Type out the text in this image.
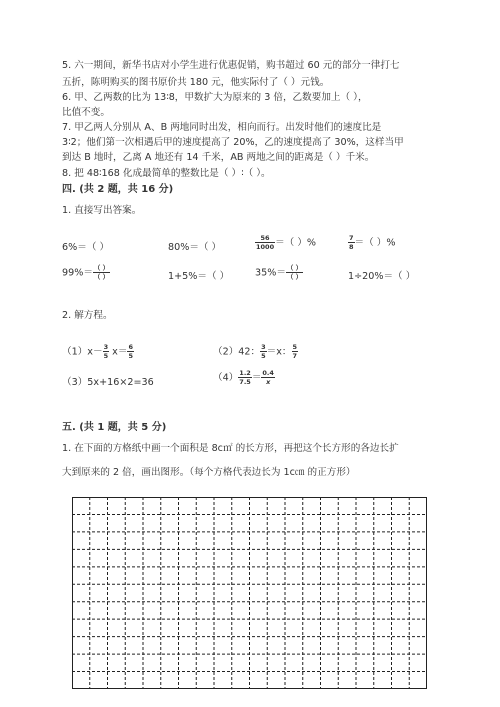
5. 六一期间，新华书店对小学生进行优惠促销，购书超过 60 元的部分一律打七
五折，陈明购买的图书原价共 180 元，他实际付了（ ）元钱。
6. 甲、乙两数的比为 13∶8，甲数扩大为原来的 3 倍，乙数要加上（ ），
比值不变。
7. 甲乙两人分别从 A、B 两地同时出发，相向而行。出发时他们的速度比是
3∶2；他们第一次相遇后甲的速度提高了 20%，乙的速度提高了 30%，这样当甲
到达 B 地时，乙离 A 地还有 14 千米，AB 两地之间的距离是（ ）千米。
8. 把 48∶168 化成最简单的整数比是（ ）∶（ ）。
四. (共 2 题，共 16 分)
1. 直接写出答案。
6%＝（ ）	80%＝（ ）	$\frac{56}{1000}$ ＝（ ）%	$\frac{7}{8}$ ＝（ ）%
$99\%= \frac{( )}{( )}$	1+5%＝（ ）	$35\%= \frac{( )}{( )}$	1÷20%＝（ ）
2. 解方程。
$(1)x- \frac{3}{5} x= \frac{6}{5}$	（2）42： $\frac{3}{5} =x$： $\frac{5}{7}$
（3）5x+16×2=36	$(4) \frac{1.2}{7.5} = \frac{0.4}{x}$
五. (共 1 题，共 5 分)
1. 在下面的方格纸中画一个面积是 8c㎡ 的长方形，再把这个长方形的各边长扩
大到原来的 2 倍，画出图形。（每个方格代表边长为 1c㎝ 的正方形）
